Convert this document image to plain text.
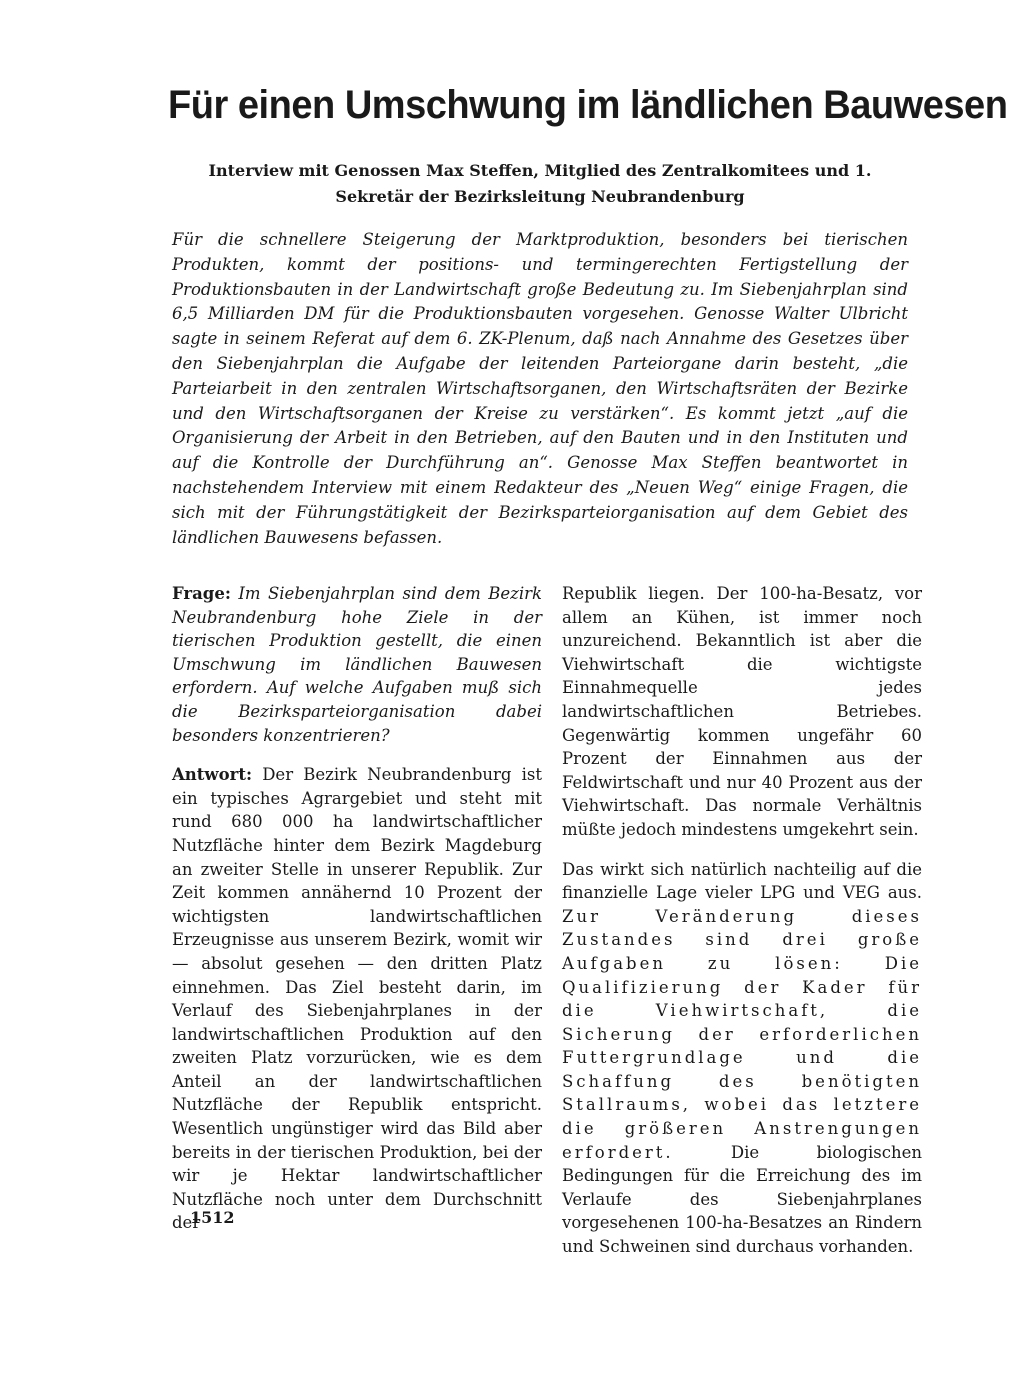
Für einen Umschwung im ländlichen Bauwesen
Interview mit Genossen Max Steffen, Mitglied des Zentralkomitees und 1. Sekretär der Bezirksleitung Neubrandenburg
Für die schnellere Steigerung der Marktproduktion, besonders bei tierischen Produkten, kommt der positions- und termingerechten Fertigstellung der Produktionsbauten in der Landwirtschaft große Bedeutung zu. Im Siebenjahrplan sind 6,5 Milliarden DM für die Produktionsbauten vorgesehen. Genosse Walter Ulbricht sagte in seinem Referat auf dem 6. ZK-Plenum, daß nach Annahme des Gesetzes über den Siebenjahrplan die Aufgabe der leitenden Parteiorgane darin besteht, „die Parteiarbeit in den zentralen Wirtschaftsorganen, den Wirtschaftsräten der Bezirke und den Wirtschaftsorganen der Kreise zu verstärken“. Es kommt jetzt „auf die Organisierung der Arbeit in den Betrieben, auf den Bauten und in den Instituten und auf die Kontrolle der Durchführung an“. Genosse Max Steffen beantwortet in nachstehendem Interview mit einem Redakteur des „Neuen Weg“ einige Fragen, die sich mit der Führungstätigkeit der Bezirksparteiorganisation auf dem Gebiet des ländlichen Bauwesens befassen.

Frage: Im Siebenjahrplan sind dem Bezirk Neubrandenburg hohe Ziele in der tierischen Produktion gestellt, die einen Umschwung im ländlichen Bauwesen erfordern. Auf welche Aufgaben muß sich die Bezirksparteiorganisation dabei besonders konzentrieren?

Antwort: Der Bezirk Neubrandenburg ist ein typisches Agrargebiet und steht mit rund 680 000 ha landwirtschaftlicher Nutzfläche hinter dem Bezirk Magdeburg an zweiter Stelle in unserer Republik. Zur Zeit kommen annähernd 10 Prozent der wichtigsten landwirtschaftlichen Erzeugnisse aus unserem Bezirk, womit wir — absolut gesehen — den dritten Platz einnehmen. Das Ziel besteht darin, im Verlauf des Siebenjahrplanes in der landwirtschaftlichen Produktion auf den zweiten Platz vorzurücken, wie es dem Anteil an der landwirtschaftlichen Nutzfläche der Republik entspricht. Wesentlich ungünstiger wird das Bild aber bereits in der tierischen Produktion, bei der wir je Hektar landwirtschaftlicher Nutzfläche noch unter dem Durchschnitt der

Republik liegen. Der 100-ha-Besatz, vor allem an Kühen, ist immer noch unzureichend. Bekanntlich ist aber die Viehwirtschaft die wichtigste Einnahmequelle jedes landwirtschaftlichen Betriebes. Gegenwärtig kommen ungefähr 60 Prozent der Einnahmen aus der Feldwirtschaft und nur 40 Prozent aus der Viehwirtschaft. Das normale Verhältnis müßte jedoch mindestens umgekehrt sein.

Das wirkt sich natürlich nachteilig auf die finanzielle Lage vieler LPG und VEG aus. Zur Veränderung dieses Zustandes sind drei große Aufgaben zu lösen: Die Qualifizierung der Kader für die Viehwirtschaft, die Sicherung der erforderlichen Futtergrundlage und die Schaffung des benötigten Stallraums, wobei das letztere die größeren Anstrengungen erfordert.	Die biologischen Bedingungen für die Erreichung des im Verlaufe des Siebenjahrplanes vorgesehenen 100-ha-Besatzes an Rindern und Schweinen sind durchaus vorhanden.

1512
